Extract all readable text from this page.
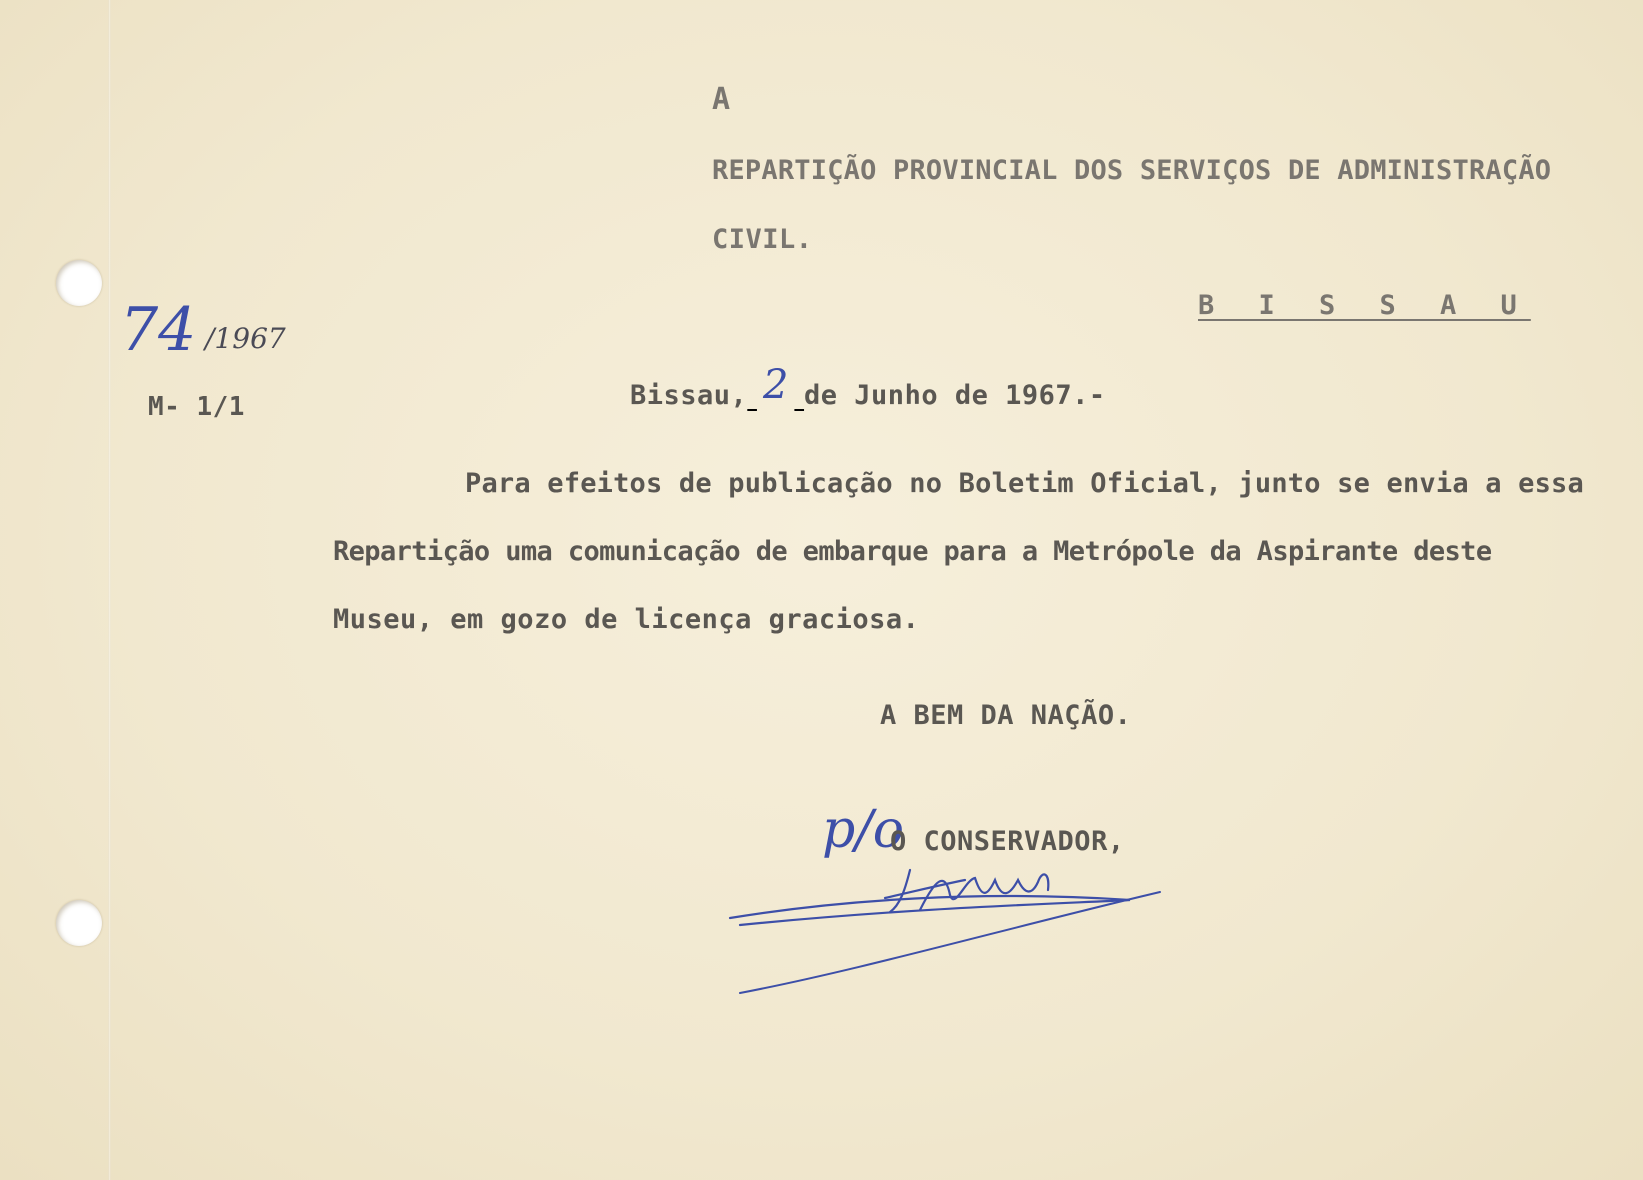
A
REPARTIÇÃO PROVINCIAL DOS SERVIÇOS DE ADMINISTRAÇÃO
CIVIL.
B I S S A U
74 /1967
M- 1/1	Bissau, 2 de Junho de 1967.-
Para efeitos de publicação no Boletim Oficial, junto se envia a essa
Repartição uma comunicação de embarque para a Metrópole da Aspirante deste
Museu, em gozo de licença graciosa.
A BEM DA NAÇÃO.
p/o
O CONSERVADOR,
